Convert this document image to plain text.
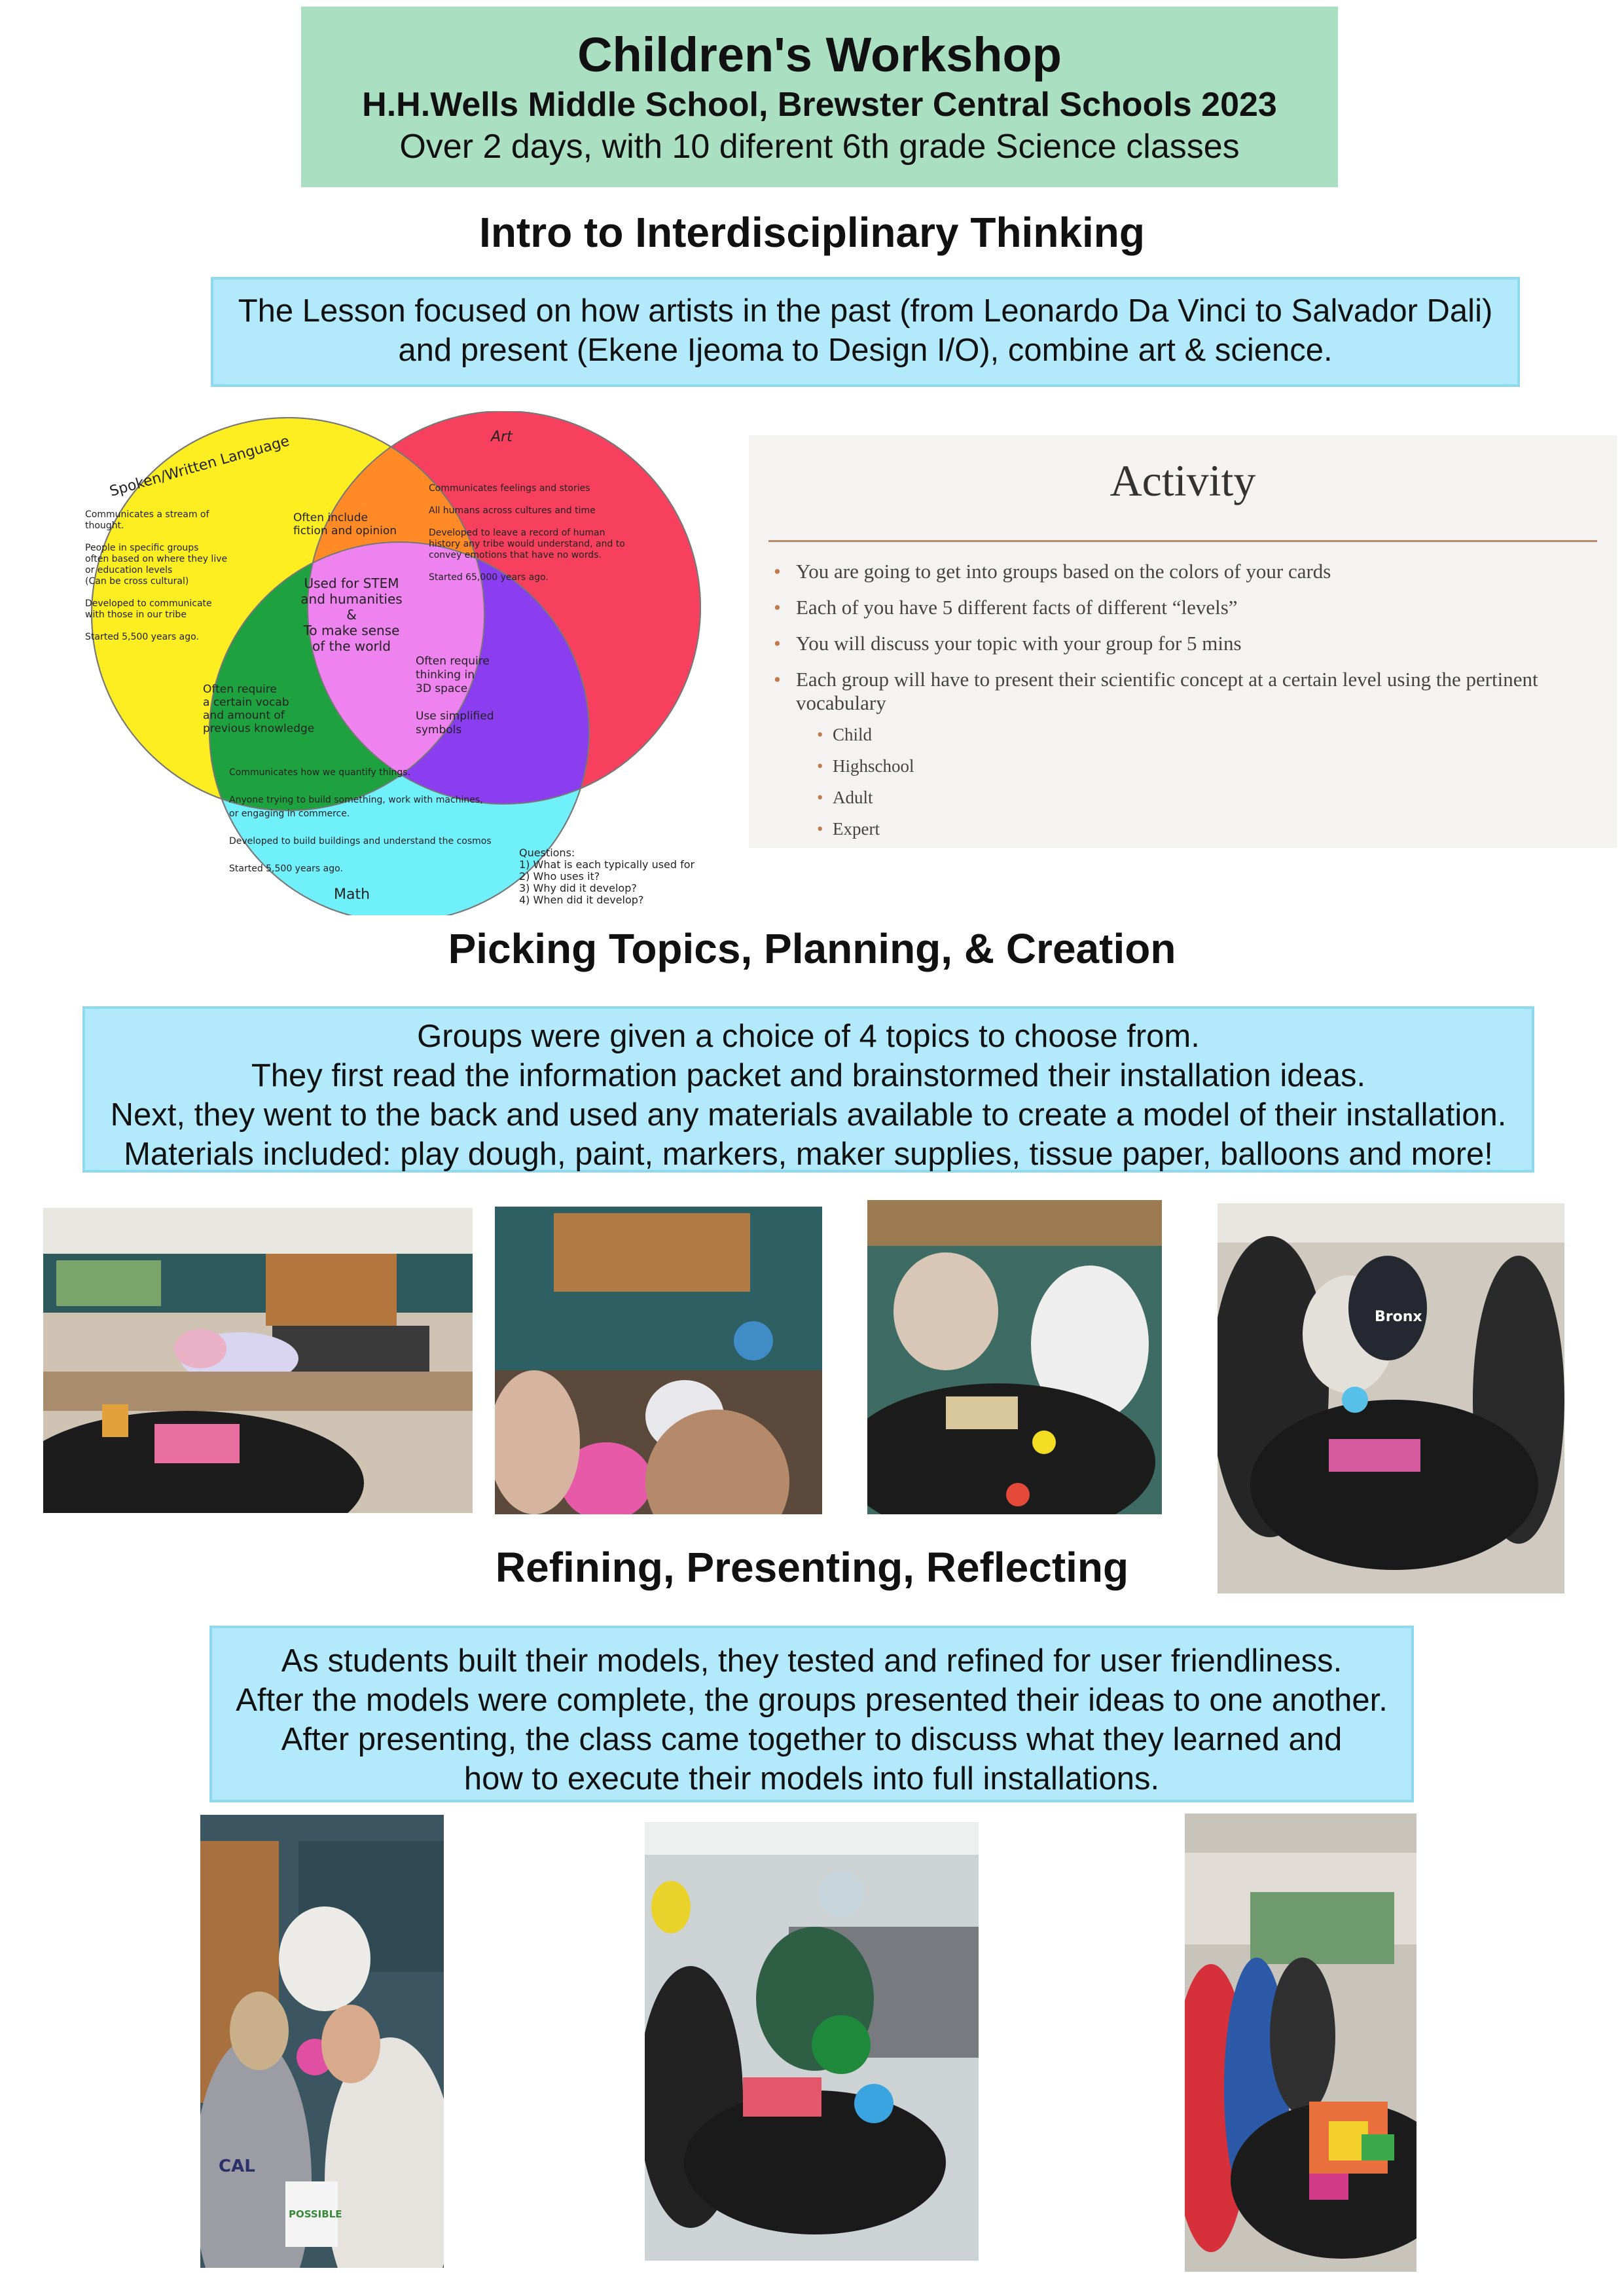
Children's Workshop
H.H.Wells Middle School, Brewster Central Schools 2023
Over 2 days, with 10 diferent 6th grade Science classes
Intro to Interdisciplinary Thinking
The Lesson focused on how artists in the past (from Leonardo Da Vinci to Salvador Dali)
and present (Ekene Ijeoma to Design I/O), combine art & science.
Spoken/Written Language	Art
Math
Communicates a stream of
thought.
People in specific groups
often based on where they live
or education levels
(Can be cross cultural)
Developed to communicate
with those in our tribe
Started 5,500 years ago.
Communicates feelings and stories
All humans across cultures and time
Developed to leave a record of human
history any tribe would understand, and to
convey emotions that have no words.
Started 65,000 years ago.
Communicates how we quantify things.
Anyone trying to build something, work with machines,
or engaging in commerce.
Developed to build buildings and understand the cosmos
Started 5,500 years ago.
Often include
fiction and opinion
Used for STEM
and humanities
&
To make sense
of the world
Often require
a certain vocab
and amount of
previous knowledge
Often require
thinking in
3D space
Use simplified
symbols
Questions:
1) What is each typically used for
2) Who uses it?
3) Why did it develop?
4) When did it develop?
Activity
• You are going to get into groups based on the colors of your cards
• Each of you have 5 different facts of different “levels”
• You will discuss your topic with your group for 5 mins
• Each group will have to present their scientific concept at a certain level using the pertinent vocabulary
• Child
• Highschool
• Adult
• Expert
Picking Topics, Planning, & Creation
Groups were given a choice of 4 topics to choose from.
They first read the information packet and brainstormed their installation ideas.
Next, they went to the back and used any materials available to create a model of their installation.
Materials included: play dough, paint, markers, maker supplies, tissue paper, balloons and more!
Bronx
Refining, Presenting, Reflecting
As students built their models, they tested and refined for user friendliness.
After the models were complete, the groups presented their ideas to one another.
After presenting, the class came together to discuss what they learned and
how to execute their models into full installations.
CAL
POSSIBLE
